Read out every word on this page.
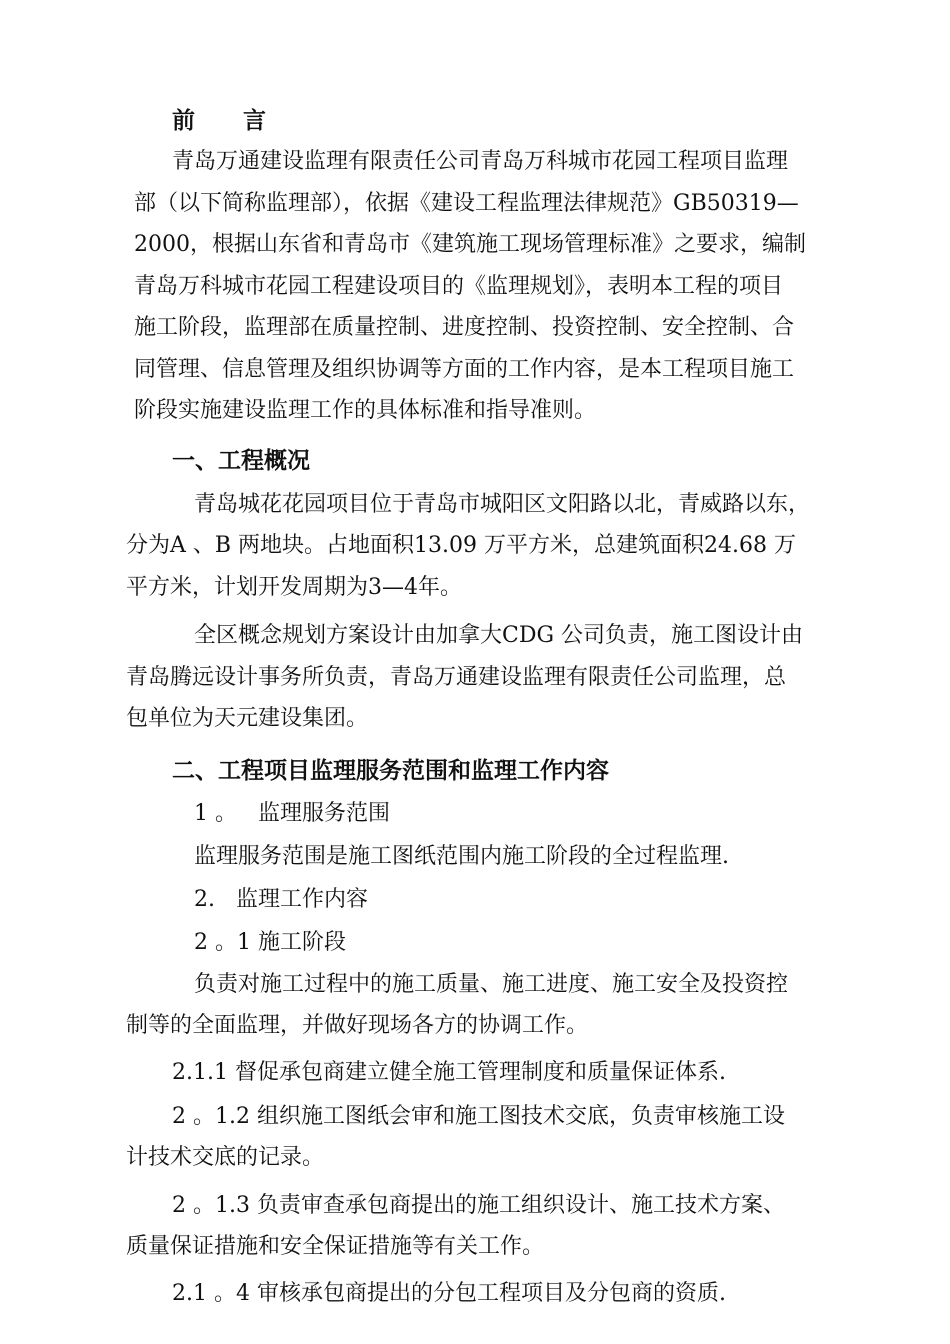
前 言
青岛万通建设监理有限责任公司青岛万科城市花园工程项目监理
部（以下简称监理部），依据《建设工程监理法律规范》GB50319—
2000，根据山东省和青岛市《建筑施工现场管理标准》之要求，编制
青岛万科城市花园工程建设项目的《监理规划》，表明本工程的项目
施工阶段，监理部在质量控制、进度控制、投资控制、安全控制、合
同管理、信息管理及组织协调等方面的工作内容，是本工程项目施工
阶段实施建设监理工作的具体标准和指导准则。
一、工程概况
青岛城花花园项目位于青岛市城阳区文阳路以北，青威路以东，
分为A 、B 两地块。占地面积13.09 万平方米，总建筑面积24.68 万
平方米，计划开发周期为3—4年。
全区概念规划方案设计由加拿大CDG 公司负责，施工图设计由
青岛腾远设计事务所负责，青岛万通建设监理有限责任公司监理，总
包单位为天元建设集团。
二、工程项目监理服务范围和监理工作内容
1 。   监理服务范围
监理服务范围是施工图纸范围内施工阶段的全过程监理.
2.   监理工作内容
2 。1 施工阶段
负责对施工过程中的施工质量、施工进度、施工安全及投资控
制等的全面监理，并做好现场各方的协调工作。
2.1.1 督促承包商建立健全施工管理制度和质量保证体系.
2 。1.2 组织施工图纸会审和施工图技术交底，负责审核施工设
计技术交底的记录。
2 。1.3 负责审查承包商提出的施工组织设计、施工技术方案、
质量保证措施和安全保证措施等有关工作。
2.1 。4 审核承包商提出的分包工程项目及分包商的资质.
